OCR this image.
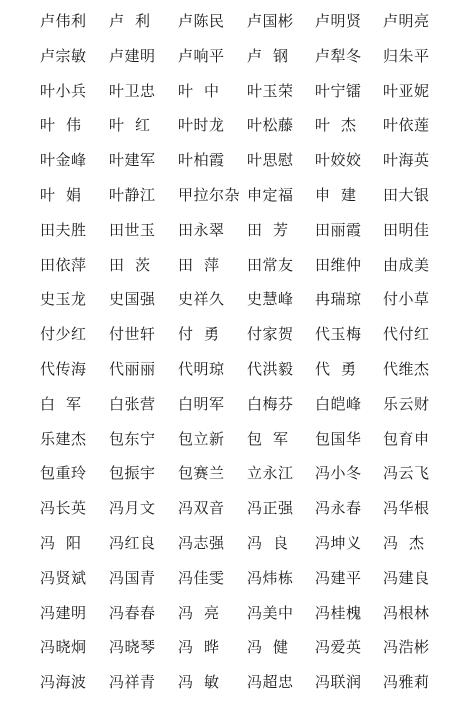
卢伟利 卢  利 卢陈民 卢国彬 卢明贤 卢明亮
卢宗敏 卢建明 卢响平 卢  钢 卢犁冬 归朱平
叶小兵 叶卫忠 叶  中 叶玉荣 叶宁镭 叶亚妮
叶  伟 叶  红 叶时龙 叶松藤 叶  杰 叶依莲
叶金峰 叶建军 叶柏霞 叶思慰 叶姣姣 叶海英
叶  娟 叶静江 甲拉尔杂 申定福 申  建 田大银
田夫胜 田世玉 田永翠 田  芳 田丽霞 田明佳
田依萍 田  茨 田  萍 田常友 田维仲 由成美
史玉龙 史国强 史祥久 史慧峰 冉瑞琼 付小草
付少红 付世轩 付  勇 付家贺 代玉梅 代付红
代传海 代丽丽 代明琼 代洪毅 代  勇 代维杰
白  军 白张营 白明军 白梅芬 白皑峰 乐云财
乐建杰 包东宁 包立新 包  军 包国华 包育申
包重玲 包振宇 包赛兰 立永江 冯小冬 冯云飞
冯长英 冯月文 冯双音 冯正强 冯永春 冯华根
冯  阳 冯红良 冯志强 冯  良 冯坤义 冯  杰
冯贤斌 冯国青 冯佳雯 冯炜栋 冯建平 冯建良
冯建明 冯春春 冯  亮 冯美中 冯桂槐 冯根林
冯晓炯 冯晓琴 冯  晔 冯  健 冯爱英 冯浩彬
冯海波 冯祥青 冯  敏 冯超忠 冯联润 冯雅莉
